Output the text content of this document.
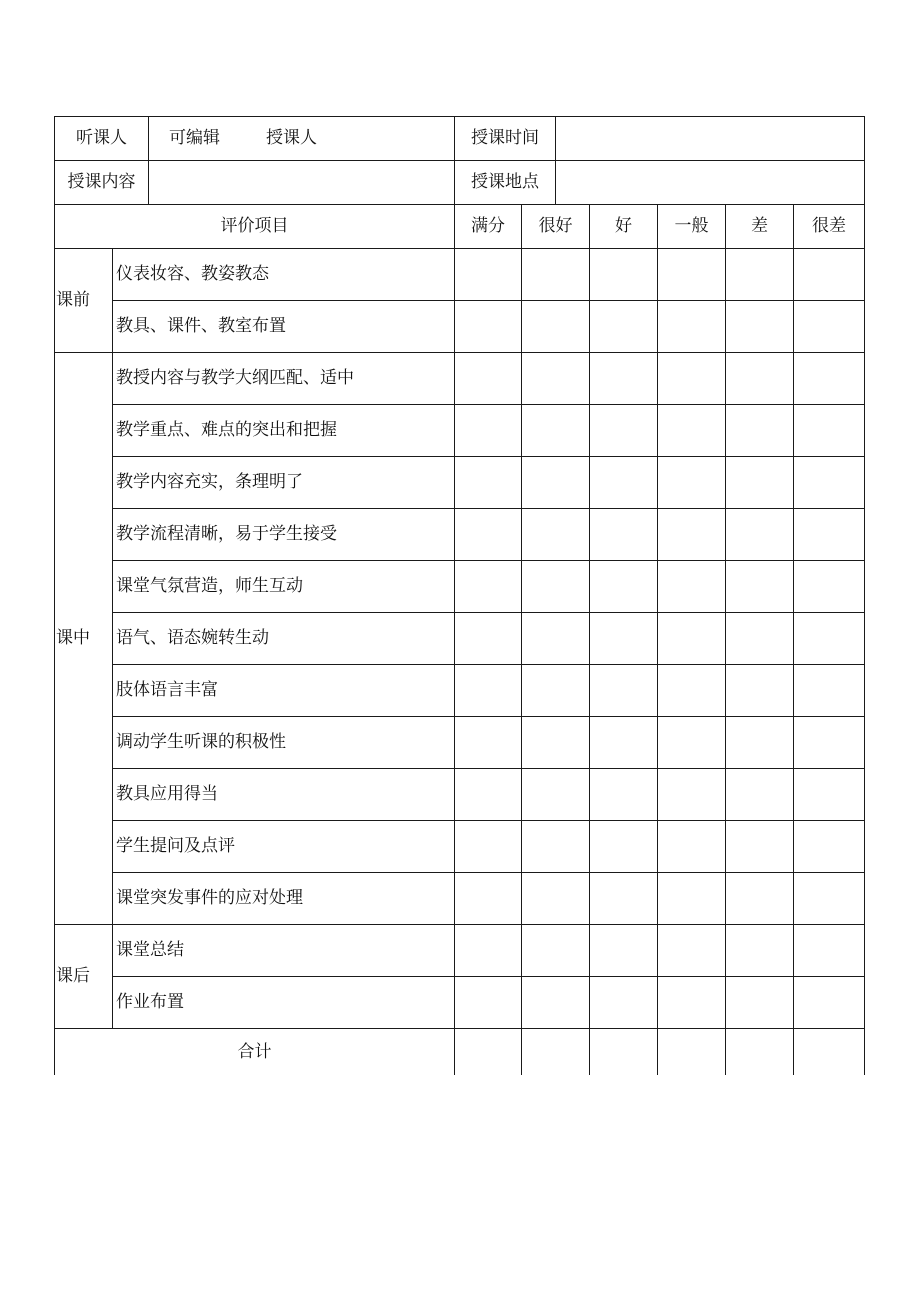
听课人		可编辑 授课人	授课时间						
授课内容			授课地点						
评价项目			满分	很好		好	一般	差	很差
课前	仪表妆容、教姿教态								
	教具、课件、教室布置								
课中	教授内容与教学大纲匹配、适中								
	教学重点、难点的突出和把握								
	教学内容充实，条理明了								
	教学流程清晰，易于学生接受								
	课堂气氛营造，师生互动								
	语气、语态婉转生动								
	肢体语言丰富								
	调动学生听课的积极性								
	教具应用得当								
	学生提问及点评								
	课堂突发事件的应对处理								
课后	课堂总结								
	作业布置								
合计									
